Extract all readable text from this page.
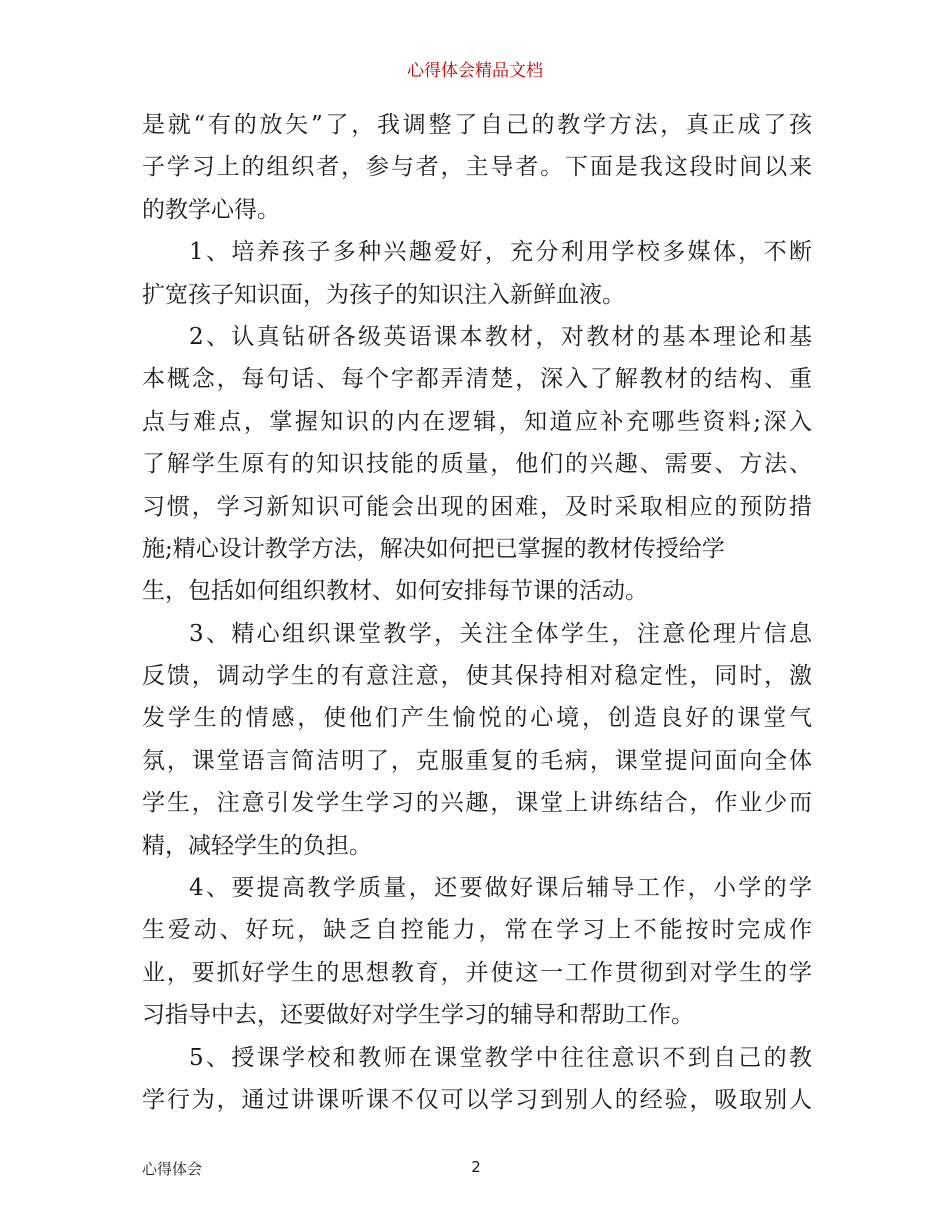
心得体会精品文档
是就“有的放矢”了，我调整了自己的教学方法，真正成了孩
子学习上的组织者，参与者，主导者。下面是我这段时间以来
的教学心得。
1、培养孩子多种兴趣爱好，充分利用学校多媒体，不断
扩宽孩子知识面，为孩子的知识注入新鲜血液。
2、认真钻研各级英语课本教材，对教材的基本理论和基
本概念，每句话、每个字都弄清楚，深入了解教材的结构、重
点与难点，掌握知识的内在逻辑，知道应补充哪些资料;深入
了解学生原有的知识技能的质量，他们的兴趣、需要、方法、
习惯，学习新知识可能会出现的困难，及时采取相应的预防措
施;精心设计教学方法，解决如何把已掌握的教材传授给学
生，包括如何组织教材、如何安排每节课的活动。
3、精心组织课堂教学，关注全体学生，注意伦理片信息
反馈，调动学生的有意注意，使其保持相对稳定性，同时，激
发学生的情感，使他们产生愉悦的心境，创造良好的课堂气
氛，课堂语言简洁明了，克服重复的毛病，课堂提问面向全体
学生，注意引发学生学习的兴趣，课堂上讲练结合，作业少而
精，减轻学生的负担。
4、要提高教学质量，还要做好课后辅导工作，小学的学
生爱动、好玩，缺乏自控能力，常在学习上不能按时完成作
业，要抓好学生的思想教育，并使这一工作贯彻到对学生的学
习指导中去，还要做好对学生学习的辅导和帮助工作。
5、授课学校和教师在课堂教学中往往意识不到自己的教
学行为，通过讲课听课不仅可以学习到别人的经验，吸取别人
心得体会	2
